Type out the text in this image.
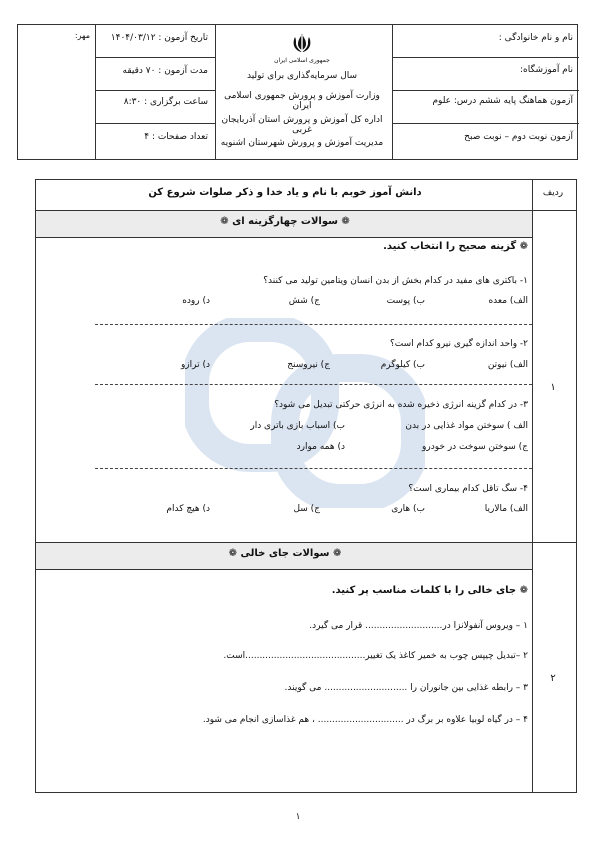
نام و نام خانوادگی :
نام آموزشگاه:
آزمون هماهنگ پایه ششم درس: علوم
آزمون نوبت دوم – نوبت صبح
جمهوری اسلامی ایران
سال سرمایه‌گذاری برای تولید
وزارت آموزش و پرورش جمهوری اسلامی ایران
اداره کل آموزش و پرورش استان آذربایجان غربی
مدیریت آموزش و پرورش شهرستان اشنویه
تاریخ آزمون : ۱۴۰۴/۰۳/۱۲
مدت آزمون : ۷۰ دقیقه
ساعت برگزاری : ۸:۳۰
تعداد صفحات : ۴
مهر:
ردیف
دانش آموز خوبم با نام و یاد خدا و ذکر صلوات شروع کن
❁ سوالات چهارگزینه ای ❁
۱
❁ گزینه صحیح را انتخاب کنید.
۱- باکتری های مفید در کدام بخش از بدن انسان ویتامین تولید می کنند؟
الف) معده
ب) پوست
ج) شش
د) روده
۲- واحد اندازه گیری نیرو کدام است؟
الف) نیوتن
ب) کیلوگرم
ج) نیروسنج
د) ترازو
۳- در کدام گزینه انرژی ذخیره شده به انرژی حرکتی تبدیل می شود؟
الف ) سوختن مواد غذایی در بدن
ب) اسباب بازی باتری دار
ج) سوختن سوخت در خودرو
د) همه موارد
۴- سگ تاقل کدام بیماری است؟
الف) مالاریا
ب) هاری
ج) سل
د) هیچ کدام
❁ سوالات جای خالی ❁
۲
❁ جای خالی را با کلمات مناسب پر کنید.
۱ – ویروس آنفولانزا در........................... قرار می گیرد.
۲ –تبدیل چیپس چوب به خمیر کاغذ یک تغییر..........................................است.
۳ – رابطه غذایی بین جانوران را ............................. می گویند.
۴ – در گیاه لوبیا علاوه بر برگ در .............................. ، هم غذاسازی انجام می شود.
۱
